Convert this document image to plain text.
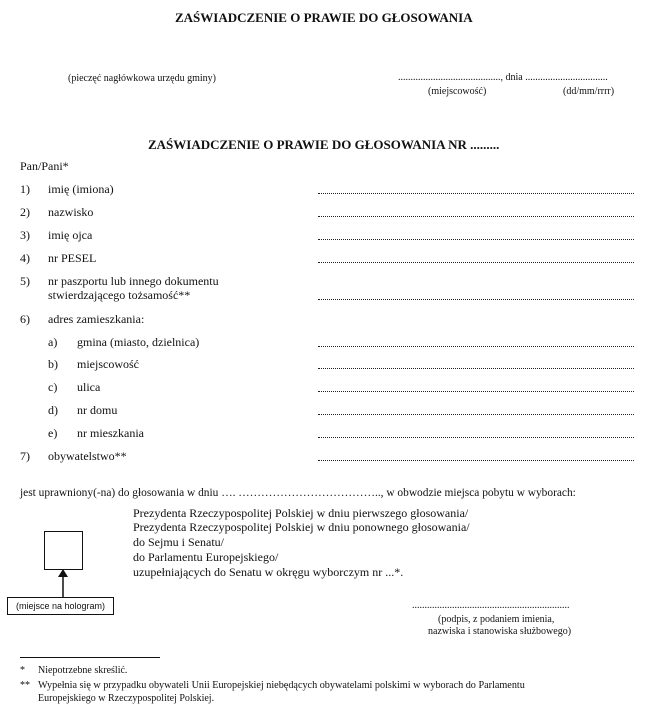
ZAŚWIADCZENIE O PRAWIE DO GŁOSOWANIA
(pieczęć nagłówkowa urzędu gminy)	........................................., dnia .................................
(miejscowość)	(dd/mm/rrrr)
ZAŚWIADCZENIE O PRAWIE DO GŁOSOWANIA NR .........
Pan/Pani*
1) imię (imiona)
2) nazwisko
3) imię ojca
4) nr PESEL
5) nr paszportu lub innego dokumentu
stwierdzającego tożsamość**
6) adres zamieszkania:
a) gmina (miasto, dzielnica)
b) miejscowość
c) ulica
d) nr domu
e) nr mieszkania
7) obywatelstwo**
jest uprawniony(-na) do głosowania w dniu …. ……………………………….., w obwodzie miejsca pobytu w wyborach:
Prezydenta Rzeczypospolitej Polskiej w dniu pierwszego głosowania/
Prezydenta Rzeczypospolitej Polskiej w dniu ponownego głosowania/
do Sejmu i Senatu/
do Parlamentu Europejskiego/
uzupełniających do Senatu w okręgu wyborczym nr ...*.
(miejsce na hologram)	...............................................................
(podpis, z podaniem imienia,
nazwiska i stanowiska służbowego)
* Niepotrzebne skreślić.
** Wypełnia się w przypadku obywateli Unii Europejskiej niebędących obywatelami polskimi w wyborach do Parlamentu
Europejskiego w Rzeczypospolitej Polskiej.
